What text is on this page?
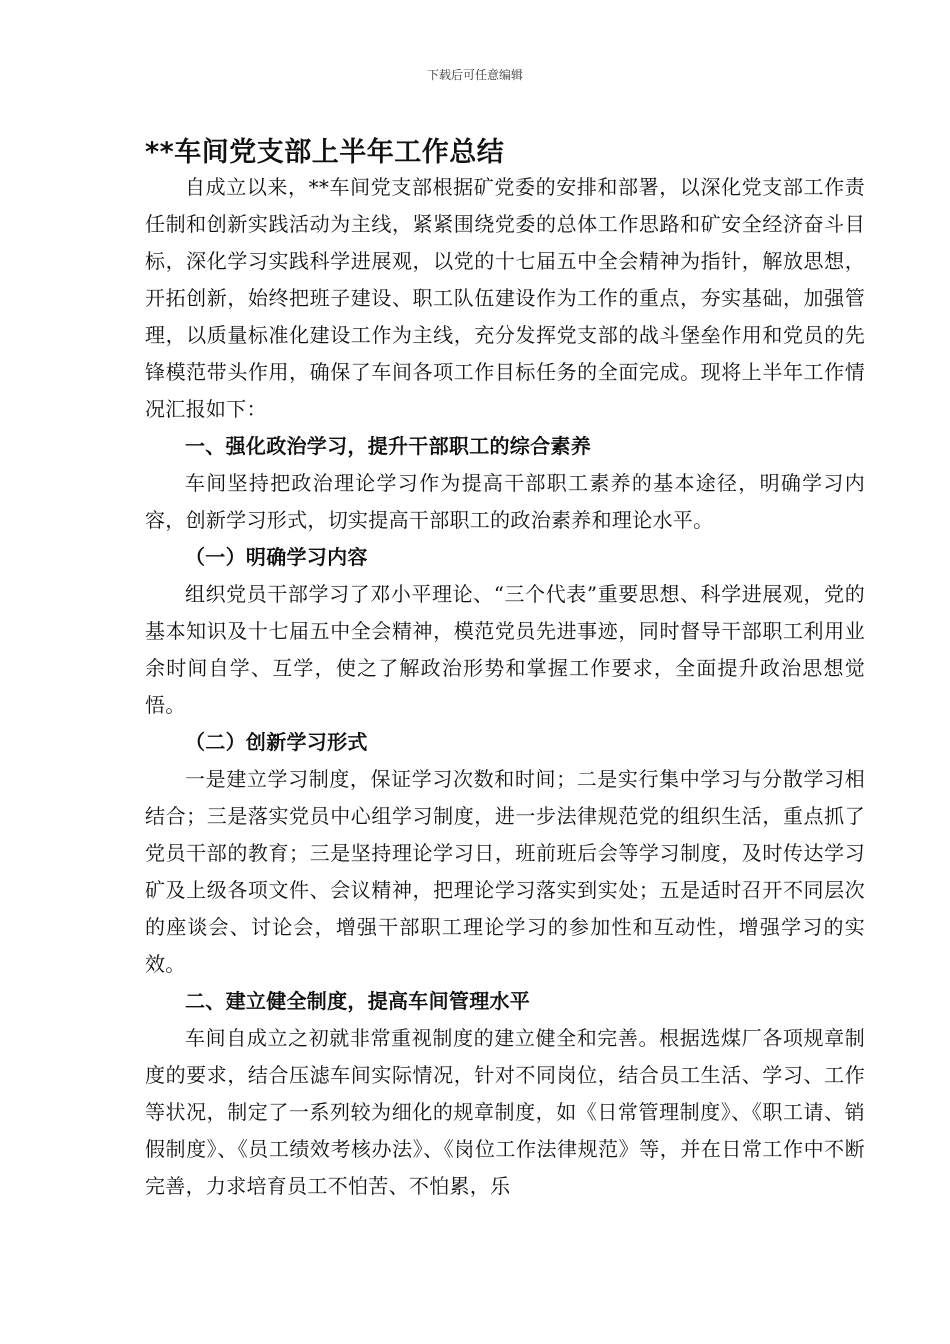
下载后可任意编辑
**车间党支部上半年工作总结

自成立以来，**车间党支部根据矿党委的安排和部署，以深化党支部工作责任制和创新实践活动为主线，紧紧围绕党委的总体工作思路和矿安全经济奋斗目标，深化学习实践科学进展观，以党的十七届五中全会精神为指针，解放思想，开拓创新，始终把班子建设、职工队伍建设作为工作的重点，夯实基础，加强管理，以质量标准化建设工作为主线，充分发挥党支部的战斗堡垒作用和党员的先锋模范带头作用，确保了车间各项工作目标任务的全面完成。现将上半年工作情况汇报如下：

一、强化政治学习，提升干部职工的综合素养

车间坚持把政治理论学习作为提高干部职工素养的基本途径，明确学习内容，创新学习形式，切实提高干部职工的政治素养和理论水平。

（一）明确学习内容

组织党员干部学习了邓小平理论、“三个代表”重要思想、科学进展观，党的基本知识及十七届五中全会精神，模范党员先进事迹，同时督导干部职工利用业余时间自学、互学，使之了解政治形势和掌握工作要求，全面提升政治思想觉悟。

（二）创新学习形式

一是建立学习制度，保证学习次数和时间；二是实行集中学习与分散学习相结合；三是落实党员中心组学习制度，进一步法律规范党的组织生活，重点抓了党员干部的教育；三是坚持理论学习日，班前班后会等学习制度，及时传达学习矿及上级各项文件、会议精神，把理论学习落实到实处；五是适时召开不同层次的座谈会、讨论会，增强干部职工理论学习的参加性和互动性，增强学习的实效。

二、建立健全制度，提高车间管理水平

车间自成立之初就非常重视制度的建立健全和完善。根据选煤厂各项规章制度的要求，结合压滤车间实际情况，针对不同岗位，结合员工生活、学习、工作等状况，制定了一系列较为细化的规章制度，如《日常管理制度》、《职工请、销假制度》、《员工绩效考核办法》、《岗位工作法律规范》等，并在日常工作中不断完善，力求培育员工不怕苦、不怕累，乐
